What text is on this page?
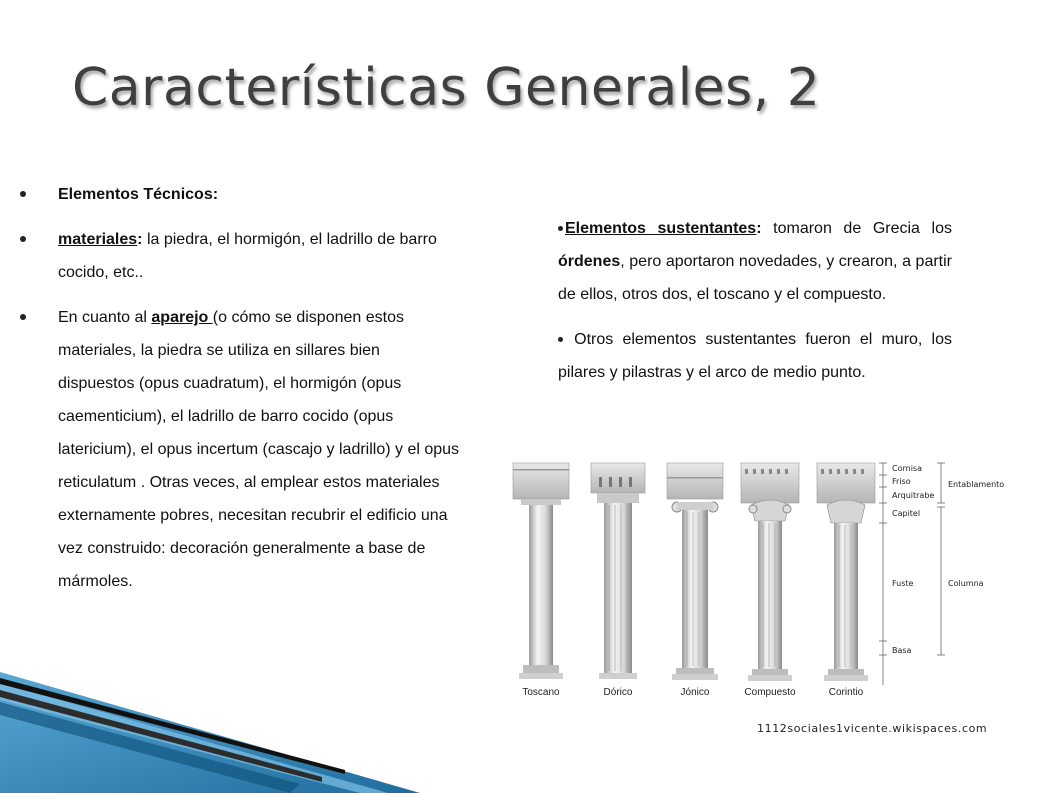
Características Generales, 2
Elementos Técnicos:
materiales: la piedra, el hormigón, el ladrillo de barro cocido, etc..
En cuanto al aparejo (o cómo se disponen estos materiales, la piedra se utiliza en sillares bien dispuestos (opus cuadratum), el hormigón (opus caementicium), el ladrillo de barro cocido (opus latericium), el opus incertum (cascajo y ladrillo) y el opus reticulatum . Otras veces, al emplear estos materiales externamente pobres, necesitan recubrir el edificio una vez construido: decoración generalmente a base de mármoles.

Elementos sustentantes: tomaron de Grecia los órdenes, pero aportaron novedades, y crearon, a partir de ellos, otros dos, el toscano y el compuesto.

Otros elementos sustentantes fueron el muro, los pilares y pilastras y el arco de medio punto.

Cornisa
Friso
Arquitrabe
Capitel
Fuste
Basa
Entablamento
Columna
Toscano	Dórico	Jónico	Compuesto	Corintio
1112sociales1vicente.wikispaces.com
